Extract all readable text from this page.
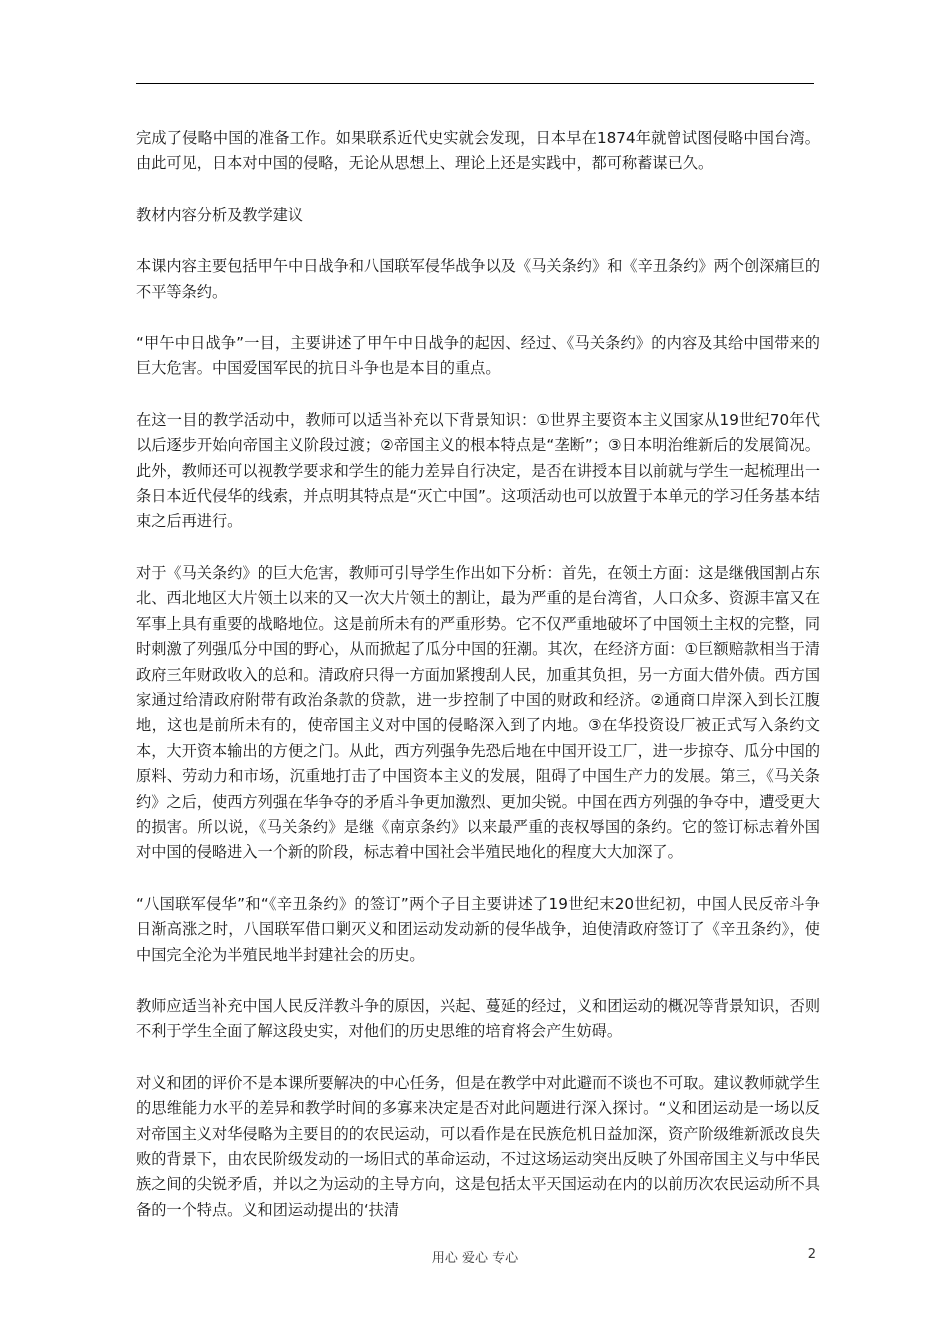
完成了侵略中国的准备工作。如果联系近代史实就会发现，日本早在1874年就曾试图侵略中国台湾。由此可见，日本对中国的侵略，无论从思想上、理论上还是实践中，都可称蓄谋已久。

教材内容分析及教学建议

本课内容主要包括甲午中日战争和八国联军侵华战争以及《马关条约》和《辛丑条约》两个创深痛巨的不平等条约。

“甲午中日战争”一目，主要讲述了甲午中日战争的起因、经过、《马关条约》的内容及其给中国带来的巨大危害。中国爱国军民的抗日斗争也是本目的重点。

在这一目的教学活动中，教师可以适当补充以下背景知识：①世界主要资本主义国家从19世纪70年代以后逐步开始向帝国主义阶段过渡；②帝国主义的根本特点是“垄断”；③日本明治维新后的发展简况。此外，教师还可以视教学要求和学生的能力差异自行决定，是否在讲授本目以前就与学生一起梳理出一条日本近代侵华的线索，并点明其特点是“灭亡中国”。这项活动也可以放置于本单元的学习任务基本结束之后再进行。

对于《马关条约》的巨大危害，教师可引导学生作出如下分析：首先，在领土方面：这是继俄国割占东北、西北地区大片领土以来的又一次大片领土的割让，最为严重的是台湾省，人口众多、资源丰富又在军事上具有重要的战略地位。这是前所未有的严重形势。它不仅严重地破坏了中国领土主权的完整，同时刺激了列强瓜分中国的野心，从而掀起了瓜分中国的狂潮。其次，在经济方面：①巨额赔款相当于清政府三年财政收入的总和。清政府只得一方面加紧搜刮人民，加重其负担，另一方面大借外债。西方国家通过给清政府附带有政治条款的贷款，进一步控制了中国的财政和经济。②通商口岸深入到长江腹地，这也是前所未有的，使帝国主义对中国的侵略深入到了内地。③在华投资设厂被正式写入条约文本，大开资本输出的方便之门。从此，西方列强争先恐后地在中国开设工厂，进一步掠夺、瓜分中国的原料、劳动力和市场，沉重地打击了中国资本主义的发展，阻碍了中国生产力的发展。第三，《马关条约》之后，使西方列强在华争夺的矛盾斗争更加激烈、更加尖锐。中国在西方列强的争夺中，遭受更大的损害。所以说，《马关条约》是继《南京条约》以来最严重的丧权辱国的条约。它的签订标志着外国对中国的侵略进入一个新的阶段，标志着中国社会半殖民地化的程度大大加深了。

“八国联军侵华”和“《辛丑条约》的签订”两个子目主要讲述了19世纪末20世纪初，中国人民反帝斗争日渐高涨之时，八国联军借口剿灭义和团运动发动新的侵华战争，迫使清政府签订了《辛丑条约》，使中国完全沦为半殖民地半封建社会的历史。

教师应适当补充中国人民反洋教斗争的原因，兴起、蔓延的经过，义和团运动的概况等背景知识，否则不利于学生全面了解这段史实，对他们的历史思维的培育将会产生妨碍。

对义和团的评价不是本课所要解决的中心任务，但是在教学中对此避而不谈也不可取。建议教师就学生的思维能力水平的差异和教学时间的多寡来决定是否对此问题进行深入探讨。“义和团运动是一场以反对帝国主义对华侵略为主要目的的农民运动，可以看作是在民族危机日益加深，资产阶级维新派改良失败的背景下，由农民阶级发动的一场旧式的革命运动，不过这场运动突出反映了外国帝国主义与中华民族之间的尖锐矛盾，并以之为运动的主导方向，这是包括太平天国运动在内的以前历次农民运动所不具备的一个特点。义和团运动提出的‘扶清

用心 爱心 专心	2
